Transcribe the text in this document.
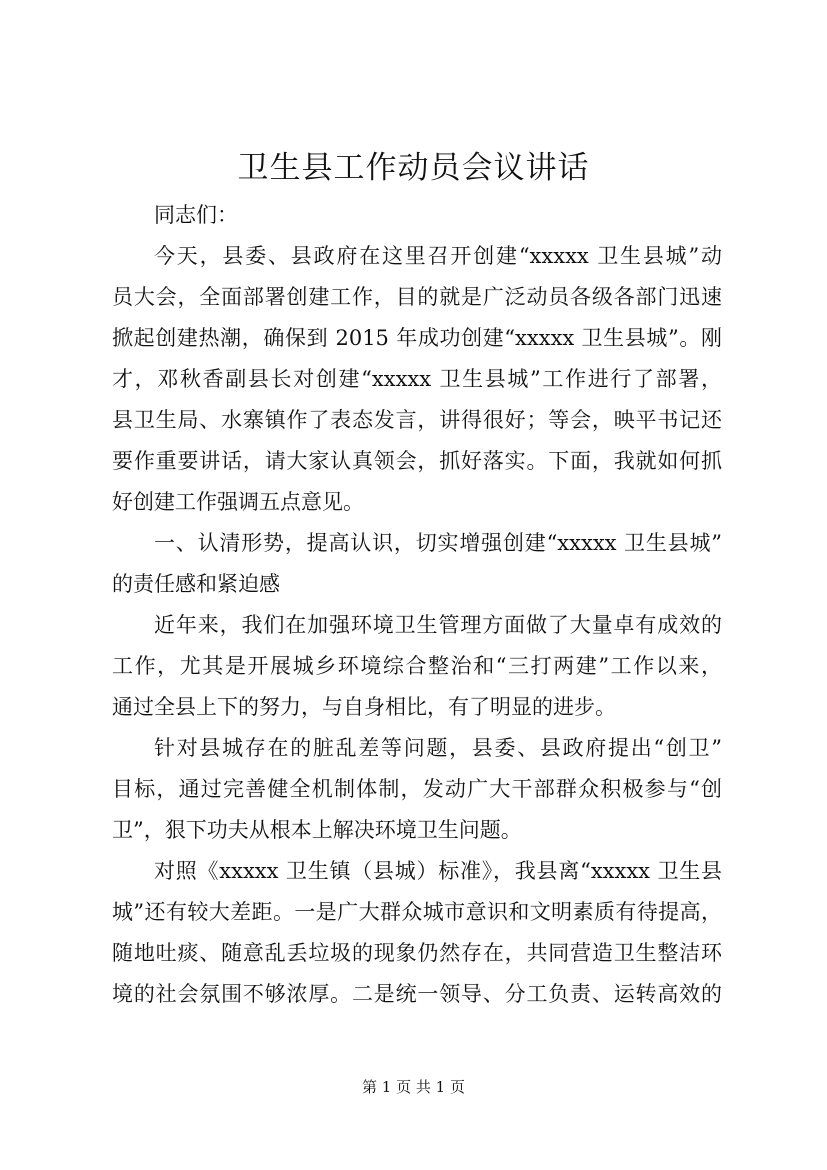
卫生县工作动员会议讲话
同志们：
今天，县委、县政府在这里召开创建“xxxxx 卫生县城”动
员大会，全面部署创建工作，目的就是广泛动员各级各部门迅速
掀起创建热潮，确保到 2015 年成功创建“xxxxx 卫生县城”。刚
才，邓秋香副县长对创建“xxxxx 卫生县城”工作进行了部署，
县卫生局、水寨镇作了表态发言，讲得很好；等会，映平书记还
要作重要讲话，请大家认真领会，抓好落实。下面，我就如何抓
好创建工作强调五点意见。
一、认清形势，提高认识，切实增强创建“xxxxx 卫生县城”
的责任感和紧迫感
近年来，我们在加强环境卫生管理方面做了大量卓有成效的
工作，尤其是开展城乡环境综合整治和“三打两建”工作以来，
通过全县上下的努力，与自身相比，有了明显的进步。
针对县城存在的脏乱差等问题，县委、县政府提出“创卫”
目标，通过完善健全机制体制，发动广大干部群众积极参与“创
卫”，狠下功夫从根本上解决环境卫生问题。
对照《xxxxx 卫生镇（县城）标准》，我县离“xxxxx 卫生县
城”还有较大差距。一是广大群众城市意识和文明素质有待提高，
随地吐痰、随意乱丢垃圾的现象仍然存在，共同营造卫生整洁环
境的社会氛围不够浓厚。二是统一领导、分工负责、运转高效的
第 1 页 共 1 页
